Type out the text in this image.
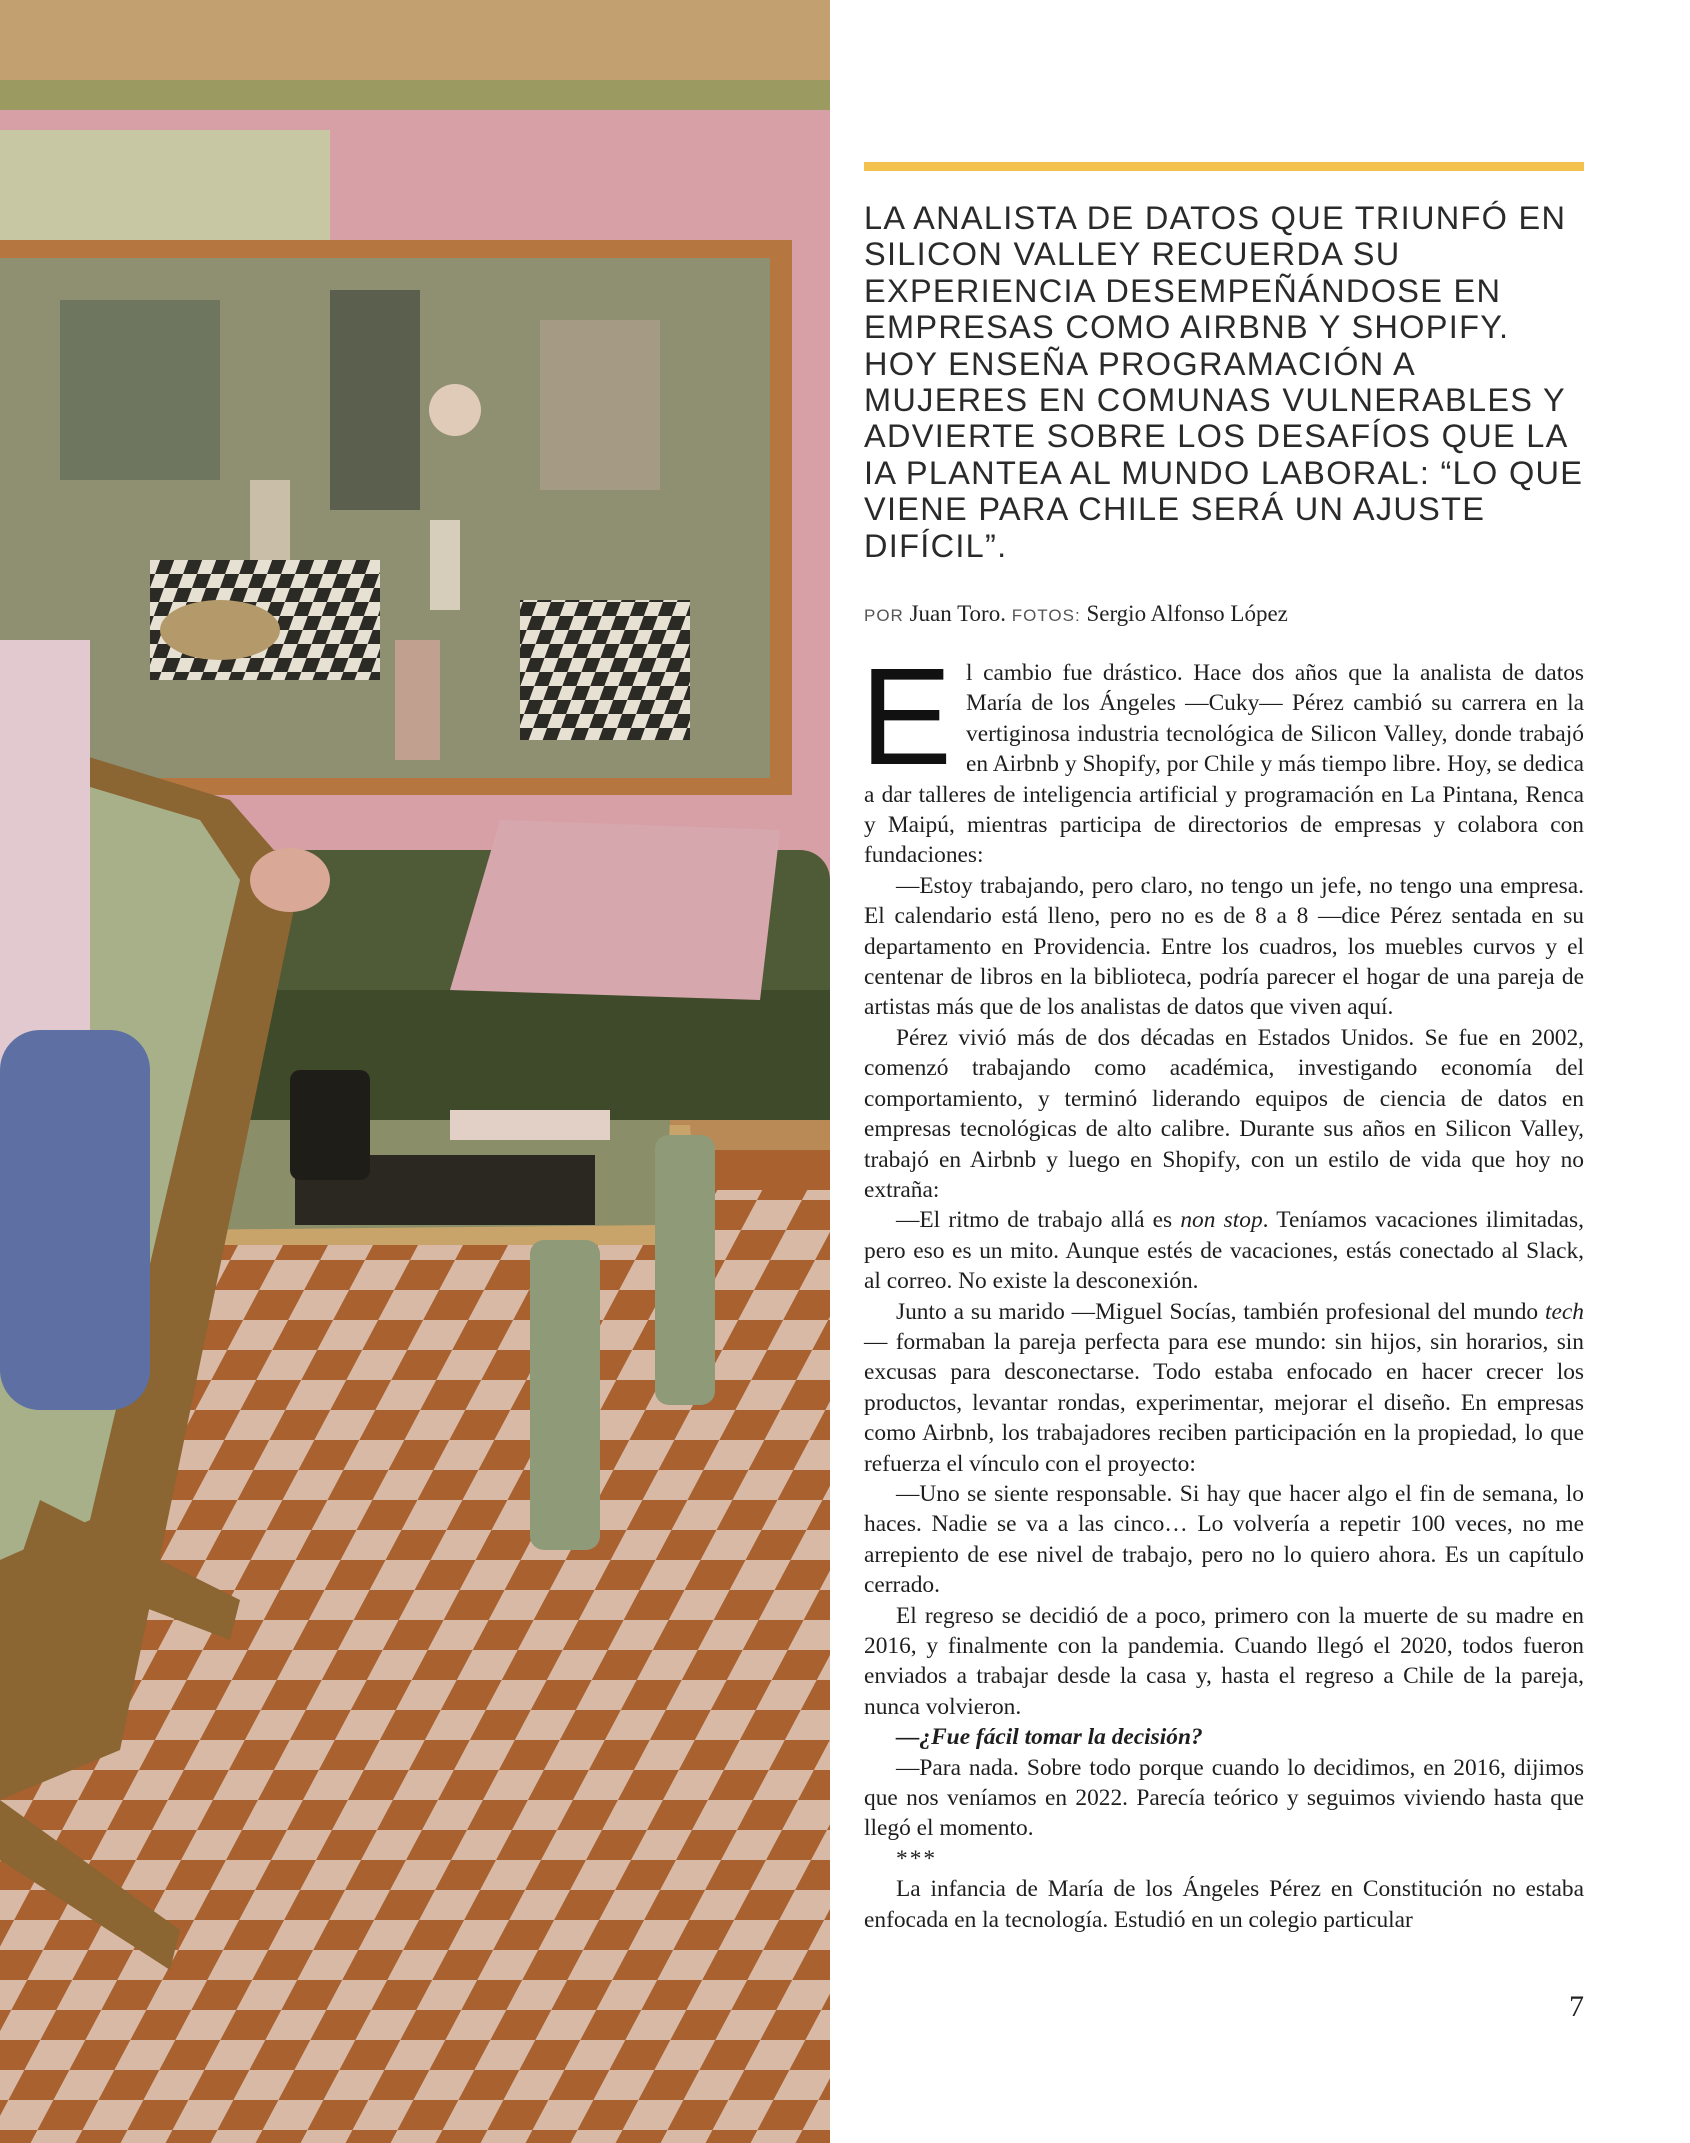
LA ANALISTA DE DATOS QUE TRIUNFÓ EN SILICON VALLEY RECUERDA SU EXPERIENCIA DESEMPEÑÁNDOSE EN EMPRESAS COMO AIRBNB Y SHOPIFY. HOY ENSEÑA PROGRAMACIÓN A MUJERES EN COMUNAS VULNERABLES Y ADVIERTE SOBRE LOS DESAFÍOS QUE LA IA PLANTEA AL MUNDO LABORAL: “LO QUE VIENE PARA CHILE SERÁ UN AJUSTE DIFÍCIL”.
POR Juan Toro. FOTOS: Sergio Alfonso López

El cambio fue drástico. Hace dos años que la analista de datos María de los Ángeles —Cuky— Pérez cambió su carrera en la vertiginosa industria tecnológica de Silicon Valley, donde trabajó en Airbnb y Shopify, por Chile y más tiempo libre. Hoy, se dedica a dar talleres de inteligencia artificial y programación en La Pintana, Renca y Maipú, mientras participa de directorios de empresas y colabora con fundaciones:

—Estoy trabajando, pero claro, no tengo un jefe, no tengo una empresa. El calendario está lleno, pero no es de 8 a 8 —dice Pérez sentada en su departamento en Providencia. Entre los cuadros, los muebles curvos y el centenar de libros en la biblioteca, podría parecer el hogar de una pareja de artistas más que de los analistas de datos que viven aquí.

Pérez vivió más de dos décadas en Estados Unidos. Se fue en 2002, comenzó trabajando como académica, investigando economía del comportamiento, y terminó liderando equipos de ciencia de datos en empresas tecnológicas de alto calibre. Durante sus años en Silicon Valley, trabajó en Airbnb y luego en Shopify, con un estilo de vida que hoy no extraña:

—El ritmo de trabajo allá es non stop. Teníamos vacaciones ilimitadas, pero eso es un mito. Aunque estés de vacaciones, estás conectado al Slack, al correo. No existe la desconexión.

Junto a su marido —Miguel Socías, también profesional del mundo tech— formaban la pareja perfecta para ese mundo: sin hijos, sin horarios, sin excusas para desconectarse. Todo estaba enfocado en hacer crecer los productos, levantar rondas, experimentar, mejorar el diseño. En empresas como Airbnb, los trabajadores reciben participación en la propiedad, lo que refuerza el vínculo con el proyecto:

—Uno se siente responsable. Si hay que hacer algo el fin de semana, lo haces. Nadie se va a las cinco… Lo volvería a repetir 100 veces, no me arrepiento de ese nivel de trabajo, pero no lo quiero ahora. Es un capítulo cerrado.

El regreso se decidió de a poco, primero con la muerte de su madre en 2016, y finalmente con la pandemia. Cuando llegó el 2020, todos fueron enviados a trabajar desde la casa y, hasta el regreso a Chile de la pareja, nunca volvieron.

—¿Fue fácil tomar la decisión?

—Para nada. Sobre todo porque cuando lo decidimos, en 2016, dijimos que nos veníamos en 2022. Parecía teórico y seguimos viviendo hasta que llegó el momento.

***

La infancia de María de los Ángeles Pérez en Constitución no estaba enfocada en la tecnología. Estudió en un colegio particular

7
